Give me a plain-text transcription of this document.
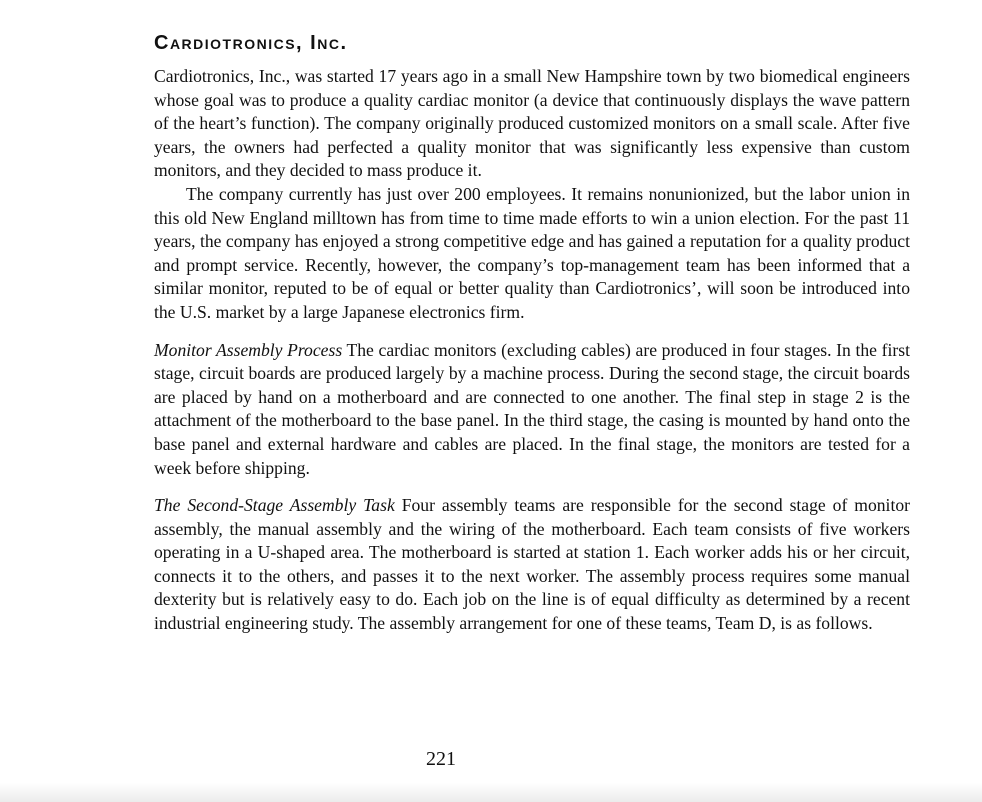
Cardiotronics, Inc.

Cardiotronics, Inc., was started 17 years ago in a small New Hampshire town by two biomedical engineers whose goal was to produce a quality cardiac monitor (a device that continuously displays the wave pattern of the heart’s function). The company originally produced customized monitors on a small scale. After five years, the owners had perfected a quality monitor that was significantly less expensive than custom monitors, and they decided to mass produce it.

The company currently has just over 200 employees. It remains nonunionized, but the labor union in this old New England milltown has from time to time made efforts to win a union election. For the past 11 years, the company has enjoyed a strong competitive edge and has gained a reputation for a quality product and prompt service. Recently, however, the company’s top-management team has been informed that a similar monitor, reputed to be of equal or better quality than Cardiotronics’, will soon be introduced into the U.S. market by a large Japanese electronics firm.

Monitor Assembly Process The cardiac monitors (excluding cables) are produced in four stages. In the first stage, circuit boards are produced largely by a machine process. During the second stage, the circuit boards are placed by hand on a motherboard and are connected to one another. The final step in stage 2 is the attachment of the motherboard to the base panel. In the third stage, the casing is mounted by hand onto the base panel and external hardware and cables are placed. In the final stage, the monitors are tested for a week before shipping.

The Second-Stage Assembly Task Four assembly teams are responsible for the second stage of monitor assembly, the manual assembly and the wiring of the motherboard. Each team consists of five workers operating in a U-shaped area. The motherboard is started at station 1. Each worker adds his or her circuit, connects it to the others, and passes it to the next worker. The assembly process requires some manual dexterity but is relatively easy to do. Each job on the line is of equal difficulty as determined by a recent industrial engineering study. The assembly arrangement for one of these teams, Team D, is as follows.

221
